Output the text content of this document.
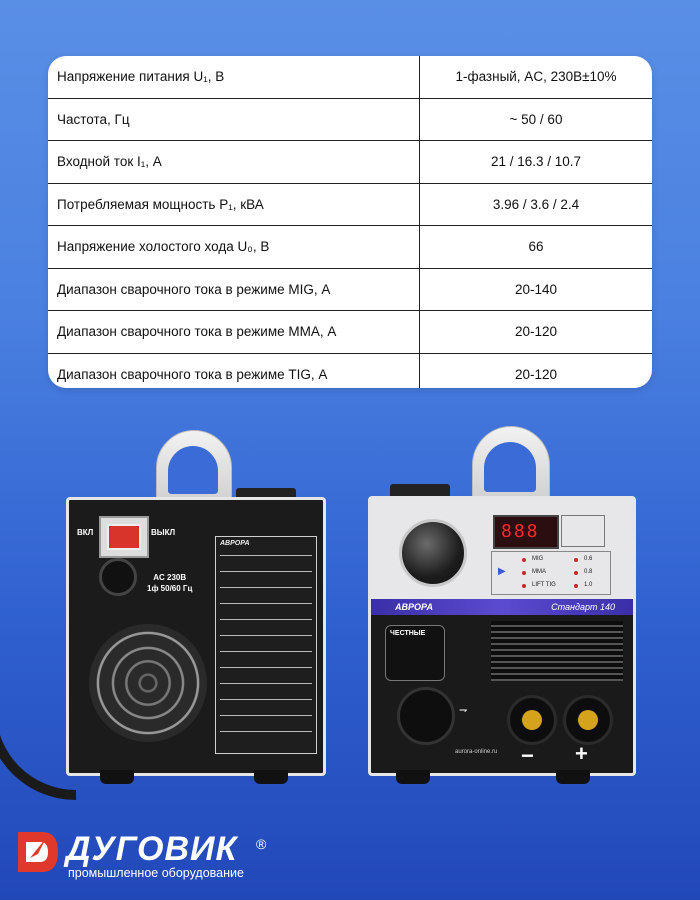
Напряжение питания U₁, В	1-фазный, AC, 230В±10%
Частота, Гц	~ 50 / 60
Входной ток I₁, А	21 / 16.3 / 10.7
Потребляемая мощность P₁, кВА	3.96 / 3.6 / 2.4
Напряжение холостого хода U₀, В	66
Диапазон сварочного тока в режиме MIG, А	20-140
Диапазон сварочного тока в режиме MMA, А	20-120
Диапазон сварочного тока в режиме TIG, А	20-120
ВКЛ	ВЫКЛ
AC 230В
1ф 50/60 Гц
АВРОРА
888
▶
MIG
MMA
LIFT TIG
0.6
0.8
1.0
АВРОРА	Стандарт 140
ЧЕСТНЫЕ
⇁
− +
aurora-online.ru
ДУГОВИК ®
промышленное оборудование
